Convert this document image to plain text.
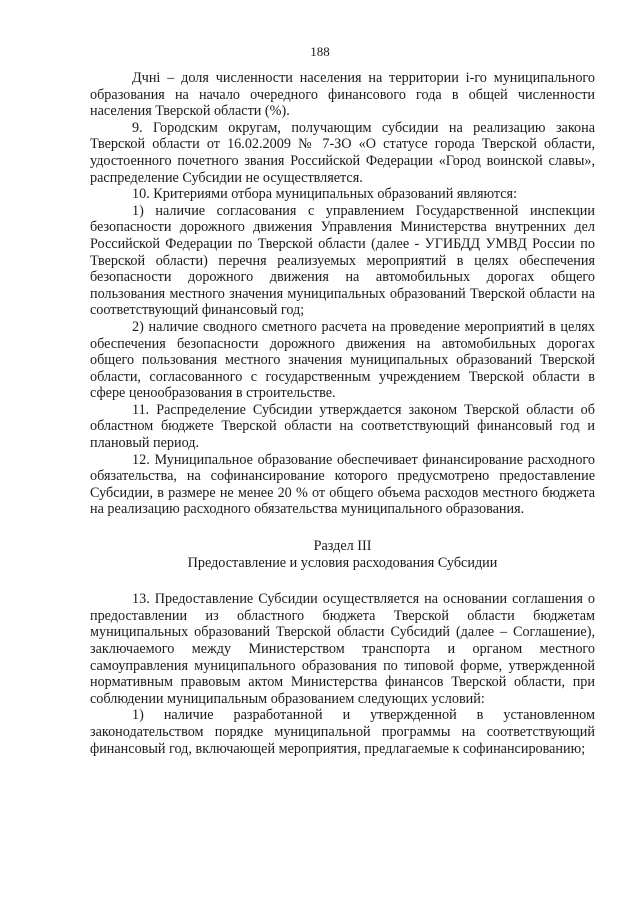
188

Дчні – доля численности населения на территории i-го муниципального образования на начало очередного финансового года в общей численности населения Тверской области (%).

9. Городским округам, получающим субсидии на реализацию закона Тверской области от 16.02.2009 № 7-ЗО «О статусе города Тверской области, удостоенного почетного звания Российской Федерации «Город воинской славы», распределение Субсидии не осуществляется.

10. Критериями отбора муниципальных образований являются:

1) наличие согласования с управлением Государственной инспекции безопасности дорожного движения Управления Министерства внутренних дел Российской Федерации по Тверской области (далее - УГИБДД УМВД России по Тверской области) перечня реализуемых мероприятий в целях обеспечения безопасности дорожного движения на автомобильных дорогах общего пользования местного значения муниципальных образований Тверской области на соответствующий финансовый год;

2) наличие сводного сметного расчета на проведение мероприятий в целях обеспечения безопасности дорожного движения на автомобильных дорогах общего пользования местного значения муниципальных образований Тверской области, согласованного с государственным учреждением Тверской области в сфере ценообразования в строительстве.

11. Распределение Субсидии утверждается законом Тверской области об областном бюджете Тверской области на соответствующий финансовый год и плановый период.

12. Муниципальное образование обеспечивает финансирование расходного обязательства, на софинансирование которого предусмотрено предоставление Субсидии, в размере не менее 20 % от общего объема расходов местного бюджета на реализацию расходного обязательства муниципального образования.

Раздел III

Предоставление и условия расходования Субсидии

13. Предоставление Субсидии осуществляется на основании соглашения о предоставлении из областного бюджета Тверской области бюджетам муниципальных образований Тверской области Субсидий (далее – Соглашение), заключаемого между Министерством транспорта и органом местного самоуправления муниципального образования по типовой форме, утвержденной нормативным правовым актом Министерства финансов Тверской области, при соблюдении муниципальным образованием следующих условий:

1) наличие разработанной и утвержденной в установленном законодательством порядке муниципальной программы на соответствующий финансовый год, включающей мероприятия, предлагаемые к софинансированию;
